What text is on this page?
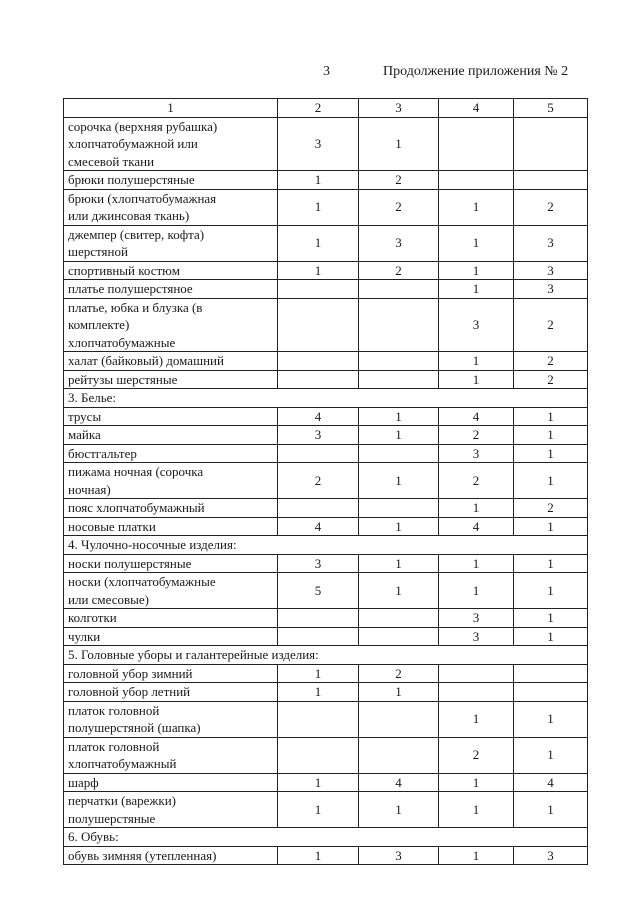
3	Продолжение приложения № 2
1	2	3	4	5
сорочка (верхняя рубашка)
хлопчатобумажной или
смесевой ткани	3	1		
брюки полушерстяные	1	2		
брюки (хлопчатобумажная
или джинсовая ткань)	1	2	1	2
джемпер (свитер, кофта)
шерстяной	1	3	1	3
спортивный костюм	1	2	1	3
платье полушерстяное			1	3
платье, юбка и блузка (в
комплекте)
хлопчатобумажные			3	2
халат (байковый) домашний			1	2
рейтузы шерстяные			1	2
3. Белье:				
трусы	4	1	4	1
майка	3	1	2	1
бюстгальтер			3	1
пижама ночная (сорочка
ночная)	2	1	2	1
пояс хлопчатобумажный			1	2
носовые платки	4	1	4	1
4. Чулочно-носочные изделия:				
носки полушерстяные	3	1	1	1
носки (хлопчатобумажные
или смесовые)	5	1	1	1
колготки			3	1
чулки			3	1
5. Головные уборы и галантерейные изделия:				
головной убор зимний	1	2		
головной убор летний	1	1		
платок головной
полушерстяной (шапка)			1	1
платок головной
хлопчатобумажный			2	1
шарф	1	4	1	4
перчатки (варежки)
полушерстяные	1	1	1	1
6. Обувь:				
обувь зимняя (утепленная)	1	3	1	3
